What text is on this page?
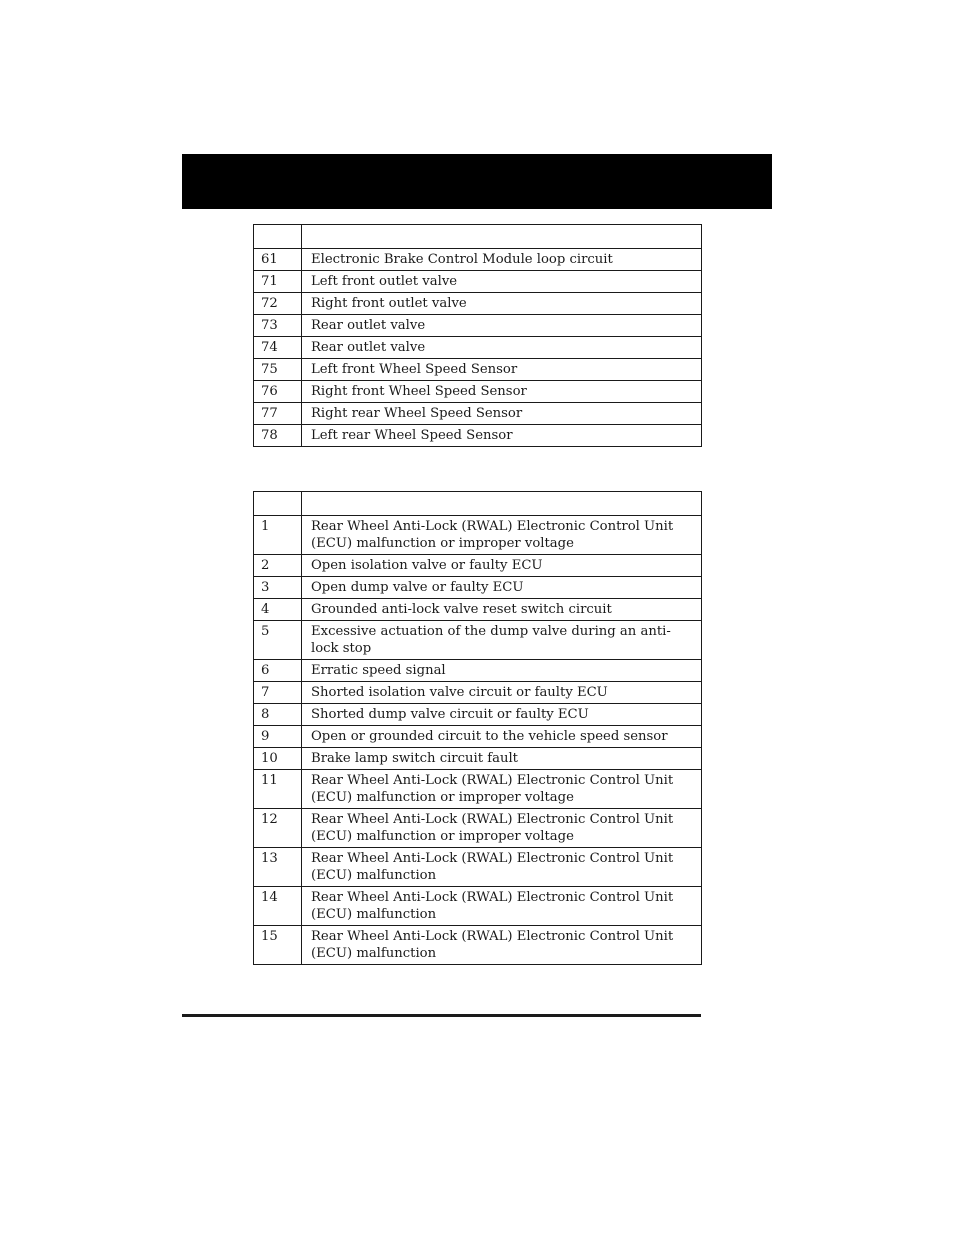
61	Electronic Brake Control Module loop circuit
71	Left front outlet valve
72	Right front outlet valve
73	Rear outlet valve
74	Rear outlet valve
75	Left front Wheel Speed Sensor
76	Right front Wheel Speed Sensor
77	Right rear Wheel Speed Sensor
78	Left rear Wheel Speed Sensor

1	Rear Wheel Anti-Lock (RWAL) Electronic Control Unit (ECU) malfunction or improper voltage
2	Open isolation valve or faulty ECU
3	Open dump valve or faulty ECU
4	Grounded anti-lock valve reset switch circuit
5	Excessive actuation of the dump valve during an anti-lock stop
6	Erratic speed signal
7	Shorted isolation valve circuit or faulty ECU
8	Shorted dump valve circuit or faulty ECU
9	Open or grounded circuit to the vehicle speed sensor
10	Brake lamp switch circuit fault
11	Rear Wheel Anti-Lock (RWAL) Electronic Control Unit (ECU) malfunction or improper voltage
12	Rear Wheel Anti-Lock (RWAL) Electronic Control Unit (ECU) malfunction or improper voltage
13	Rear Wheel Anti-Lock (RWAL) Electronic Control Unit (ECU) malfunction
14	Rear Wheel Anti-Lock (RWAL) Electronic Control Unit (ECU) malfunction
15	Rear Wheel Anti-Lock (RWAL) Electronic Control Unit (ECU) malfunction
